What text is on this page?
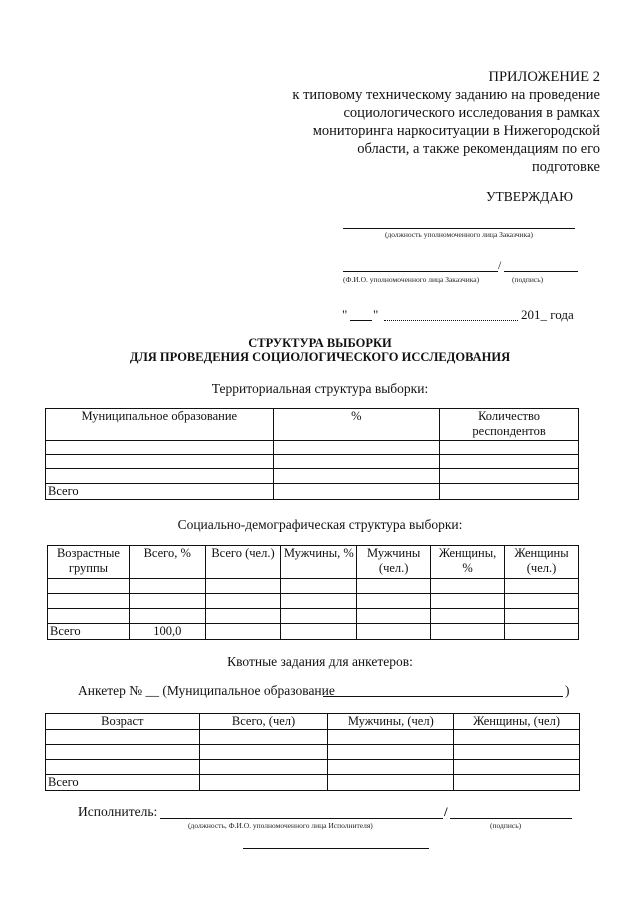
ПРИЛОЖЕНИЕ 2
к типовому техническому заданию на проведение
социологического исследования в рамках
мониторинга наркоситуации в Нижегородской
области, а также рекомендациям по его
подготовке
УТВЕРЖДАЮ
(должность уполномоченного лица Заказчика)
/
(Ф.И.О. уполномоченного лица Заказчика)	(подпись)
" "	201_ года
СТРУКТУРА ВЫБОРКИ
ДЛЯ ПРОВЕДЕНИЯ СОЦИОЛОГИЧЕСКОГО ИССЛЕДОВАНИЯ
Территориальная структура выборки:
Муниципальное образование	%	Количество респондентов

Всего		
Социально-демографическая структура выборки:
Возрастные группы	Всего, %	Всего (чел.)	Мужчины, %	Мужчины (чел.)	Женщины, %	Женщины (чел.)

Всего	100,0					
Квотные задания для анкетеров:
Анкетер № __ (Муниципальное образование	)
Возраст	Всего, (чел)	Мужчины, (чел)	Женщины, (чел)

Всего			
Исполнитель:	/
(должность, Ф.И.О. уполномоченного лица Исполнителя)	(подпись)
